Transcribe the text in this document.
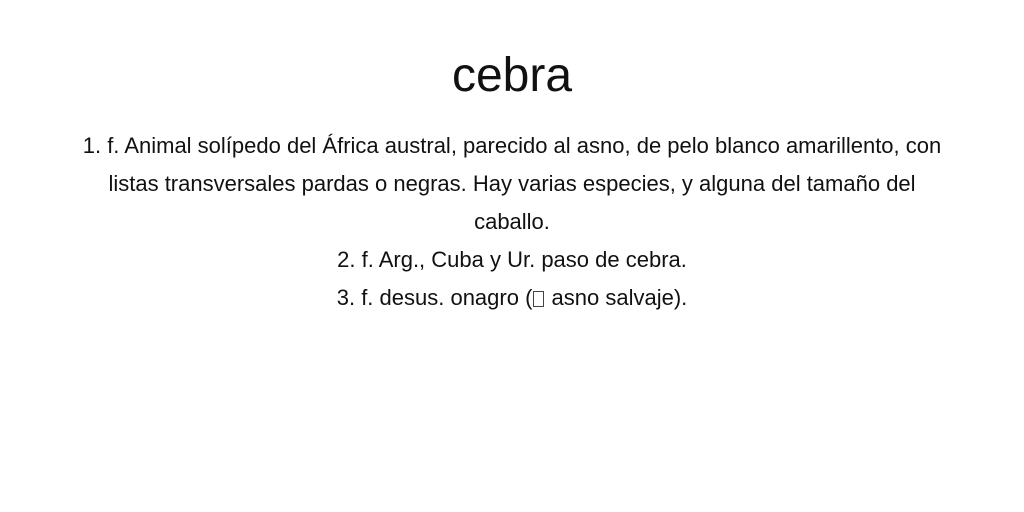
cebra
1. f. Animal solípedo del África austral, parecido al asno, de pelo blanco amarillento, con listas transversales pardas o negras. Hay varias especies, y alguna del tamaño del caballo.
2. f. Arg., Cuba y Ur. paso de cebra.
3. f. desus. onagro ( asno salvaje).
